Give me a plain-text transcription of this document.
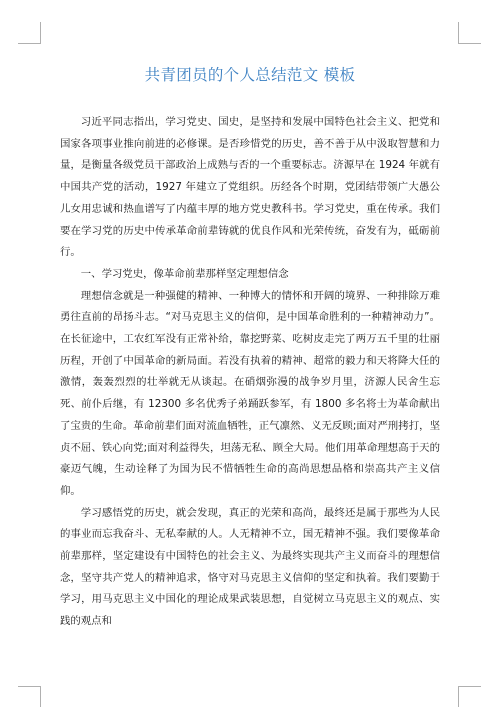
共青团员的个人总结范文 模板

习近平同志指出，学习党史、国史，是坚持和发展中国特色社会主义、把党和国家各项事业推向前进的必修课。是否珍惜党的历史，善不善于从中汲取智慧和力量，是衡量各级党员干部政治上成熟与否的一个重要标志。济源早在 1924 年就有中国共产党的活动，1927 年建立了党组织。历经各个时期，党团结带领广大愚公儿女用忠诚和热血谱写了内蕴丰厚的地方党史教科书。学习党史，重在传承。我们要在学习党的历史中传承革命前辈铸就的优良作风和光荣传统，奋发有为，砥砺前行。

一、学习党史，像革命前辈那样坚定理想信念

理想信念就是一种强健的精神、一种博大的情怀和开阔的境界、一种排除万难勇往直前的昂扬斗志。“对马克思主义的信仰，是中国革命胜利的一种精神动力”。在长征途中，工农红军没有正常补给，靠挖野菜、吃树皮走完了两万五千里的壮丽历程，开创了中国革命的新局面。若没有执着的精神、超常的毅力和天将降大任的激情，轰轰烈烈的壮举就无从谈起。在硝烟弥漫的战争岁月里，济源人民舍生忘死、前仆后继，有 12300 多名优秀子弟踊跃参军，有 1800 多名将士为革命献出了宝贵的生命。革命前辈们面对流血牺牲，正气凛然、义无反顾;面对严刑拷打，坚贞不屈、铁心向党;面对利益得失，坦荡无私、顾全大局。他们用革命理想高于天的豪迈气魄，生动诠释了为国为民不惜牺牲生命的高尚思想品格和崇高共产主义信仰。

学习感悟党的历史，就会发现，真正的光荣和高尚，最终还是属于那些为人民的事业而忘我奋斗、无私奉献的人。人无精神不立，国无精神不强。我们要像革命前辈那样，坚定建设有中国特色的社会主义、为最终实现共产主义而奋斗的理想信念，坚守共产党人的精神追求，恪守对马克思主义信仰的坚定和执着。我们要勤于学习，用马克思主义中国化的理论成果武装思想，自觉树立马克思主义的观点、实践的观点和
